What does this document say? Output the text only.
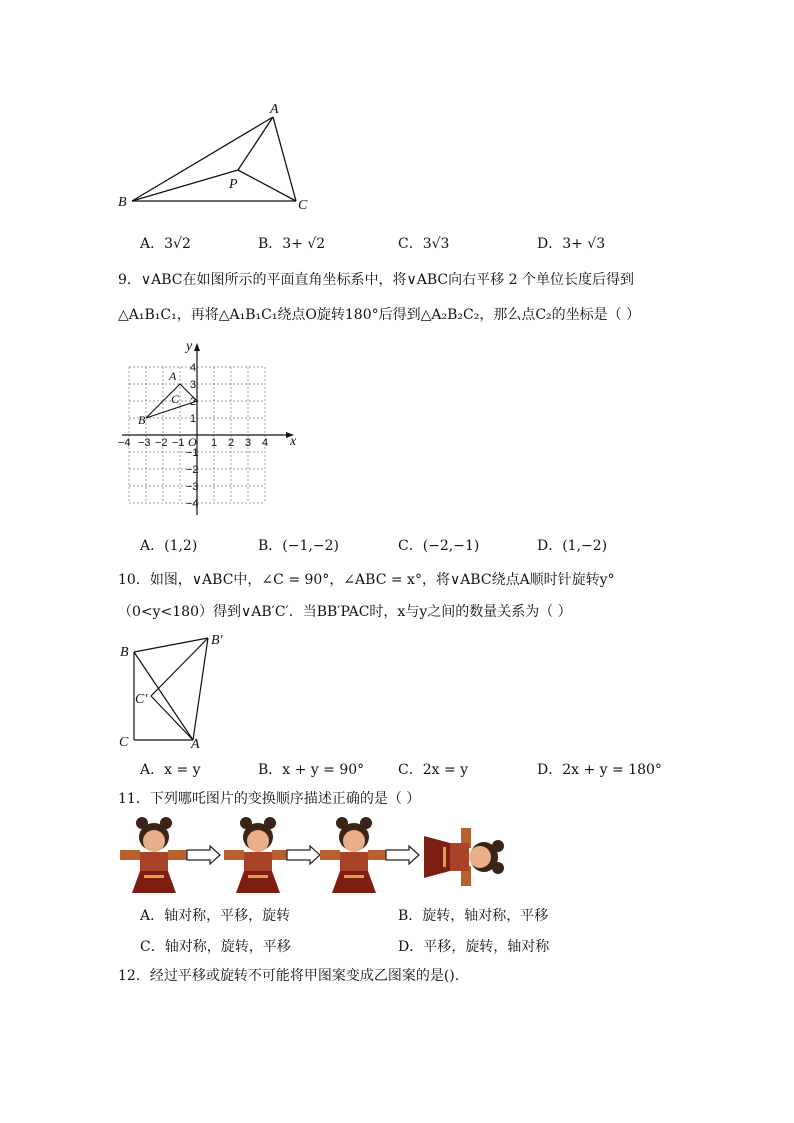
A
B	C
P
A．3√2	B．3+ √2	C．3√3	D．3+ √3
9．∨ABC在如图所示的平面直角坐标系中，将∨ABC向右平移 2 个单位长度后得到
△A₁B₁C₁，再将△A₁B₁C₁绕点O旋转180°后得到△A₂B₂C₂，那么点C₂的坐标是（ ）
x
y
O
−4 −3 −2 −1 1 2 3 4
4
3
2
1
−1
−2
−3
−4
A
B
C
A．(1,2)	B．(−1,−2)	C．(−2,−1)	D．(1,−2)
10．如图，∨ABC中，∠C = 90°，∠ABC = x°，将∨ABC绕点A顺时针旋转y°
（0<y<180）得到∨AB′C′．当BB′PAC时，x与y之间的数量关系为（ ）
B
B′
C′
C	A
A．x = y	B．x + y = 90° C．2x = y	D．2x + y = 180°
11．下列哪吒图片的变换顺序描述正确的是（ ）
A．轴对称，平移，旋转	B．旋转，轴对称，平移
C．轴对称，旋转，平移	D．平移，旋转，轴对称
12．经过平移或旋转不可能将甲图案变成乙图案的是().
